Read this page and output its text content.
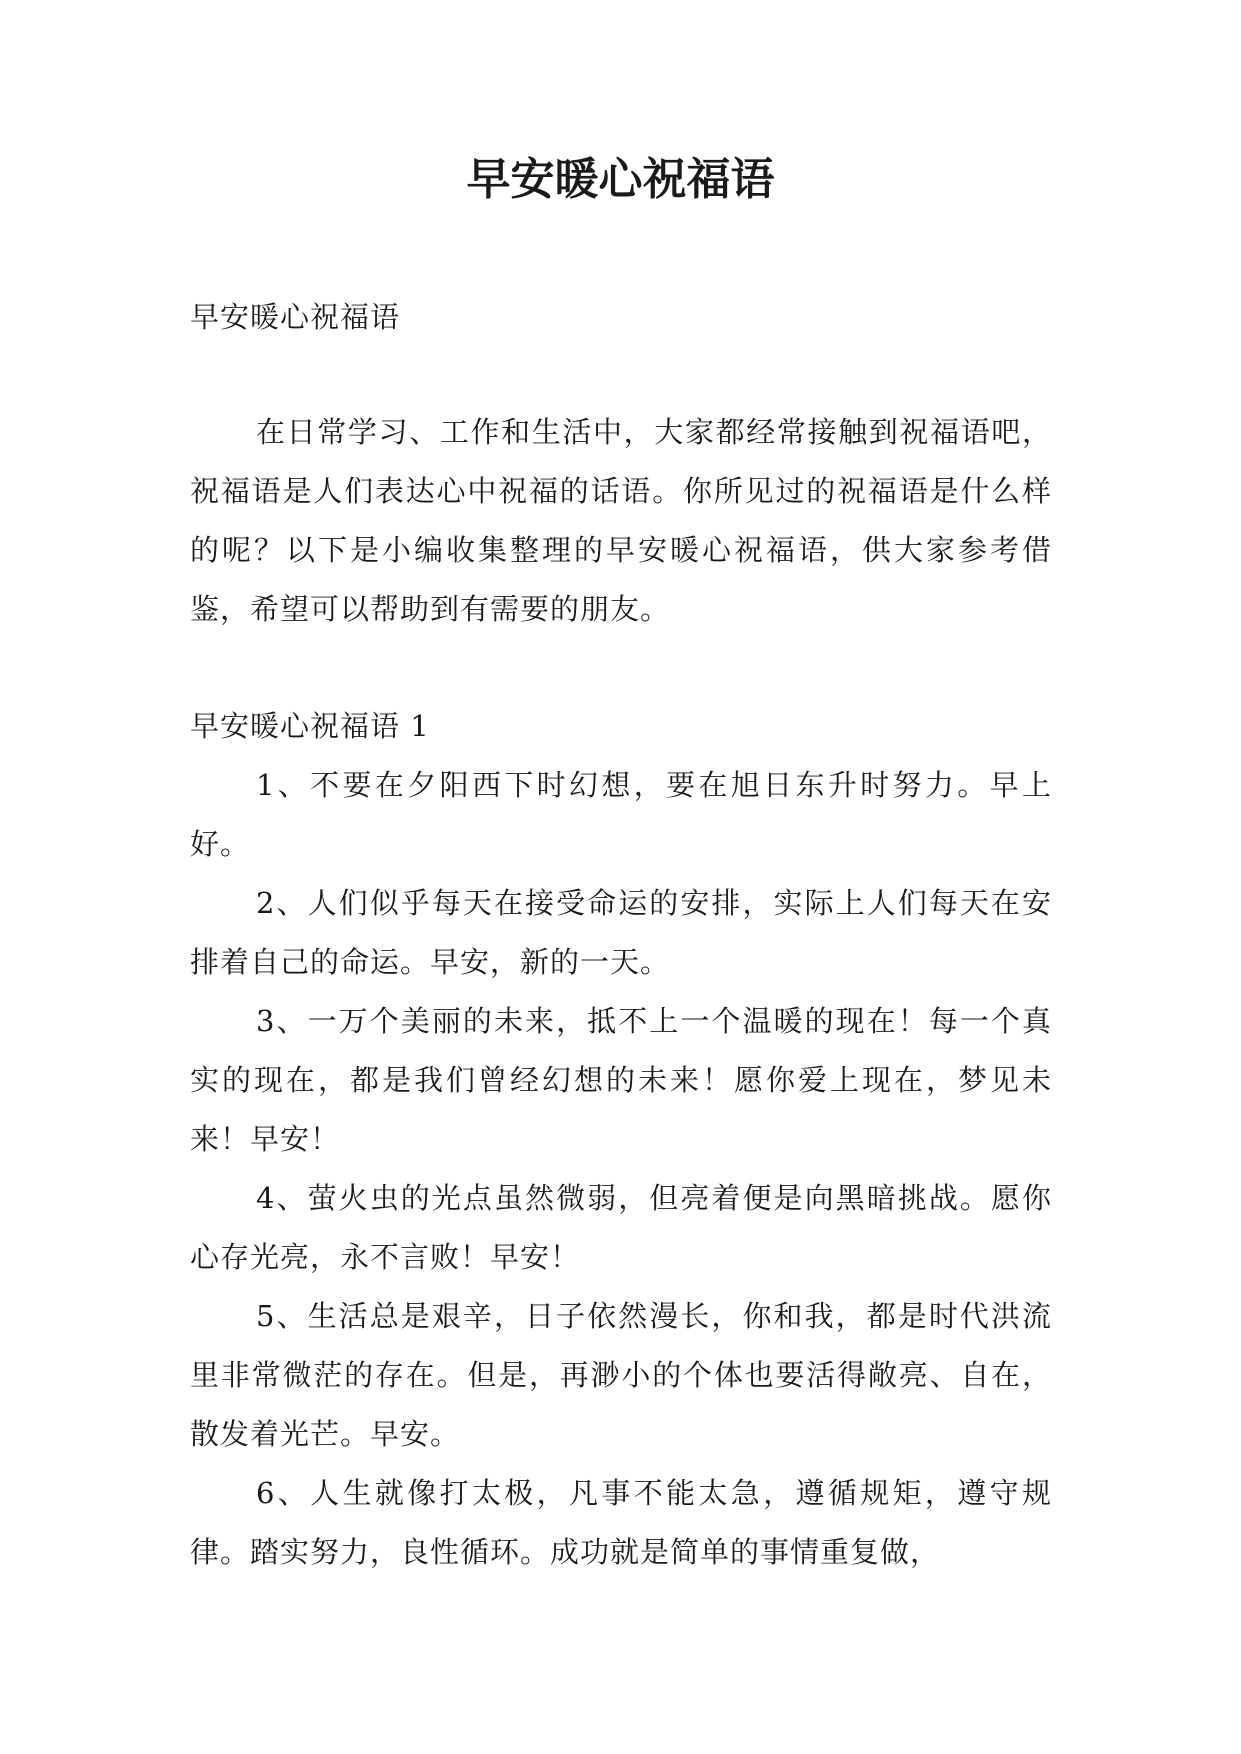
早安暖心祝福语

早安暖心祝福语

在日常学习、工作和生活中，大家都经常接触到祝福语吧，祝福语是人们表达心中祝福的话语。你所见过的祝福语是什么样的呢？以下是小编收集整理的早安暖心祝福语，供大家参考借鉴，希望可以帮助到有需要的朋友。

早安暖心祝福语 1

1、不要在夕阳西下时幻想，要在旭日东升时努力。早上好。

2、人们似乎每天在接受命运的安排，实际上人们每天在安排着自己的命运。早安，新的一天。

3、一万个美丽的未来，抵不上一个温暖的现在！每一个真实的现在，都是我们曾经幻想的未来！愿你爱上现在，梦见未来！早安！

4、萤火虫的光点虽然微弱，但亮着便是向黑暗挑战。愿你心存光亮，永不言败！早安！

5、生活总是艰辛，日子依然漫长，你和我，都是时代洪流里非常微茫的存在。但是，再渺小的个体也要活得敞亮、自在，散发着光芒。早安。

6、人生就像打太极，凡事不能太急，遵循规矩，遵守规律。踏实努力，良性循环。成功就是简单的事情重复做，
